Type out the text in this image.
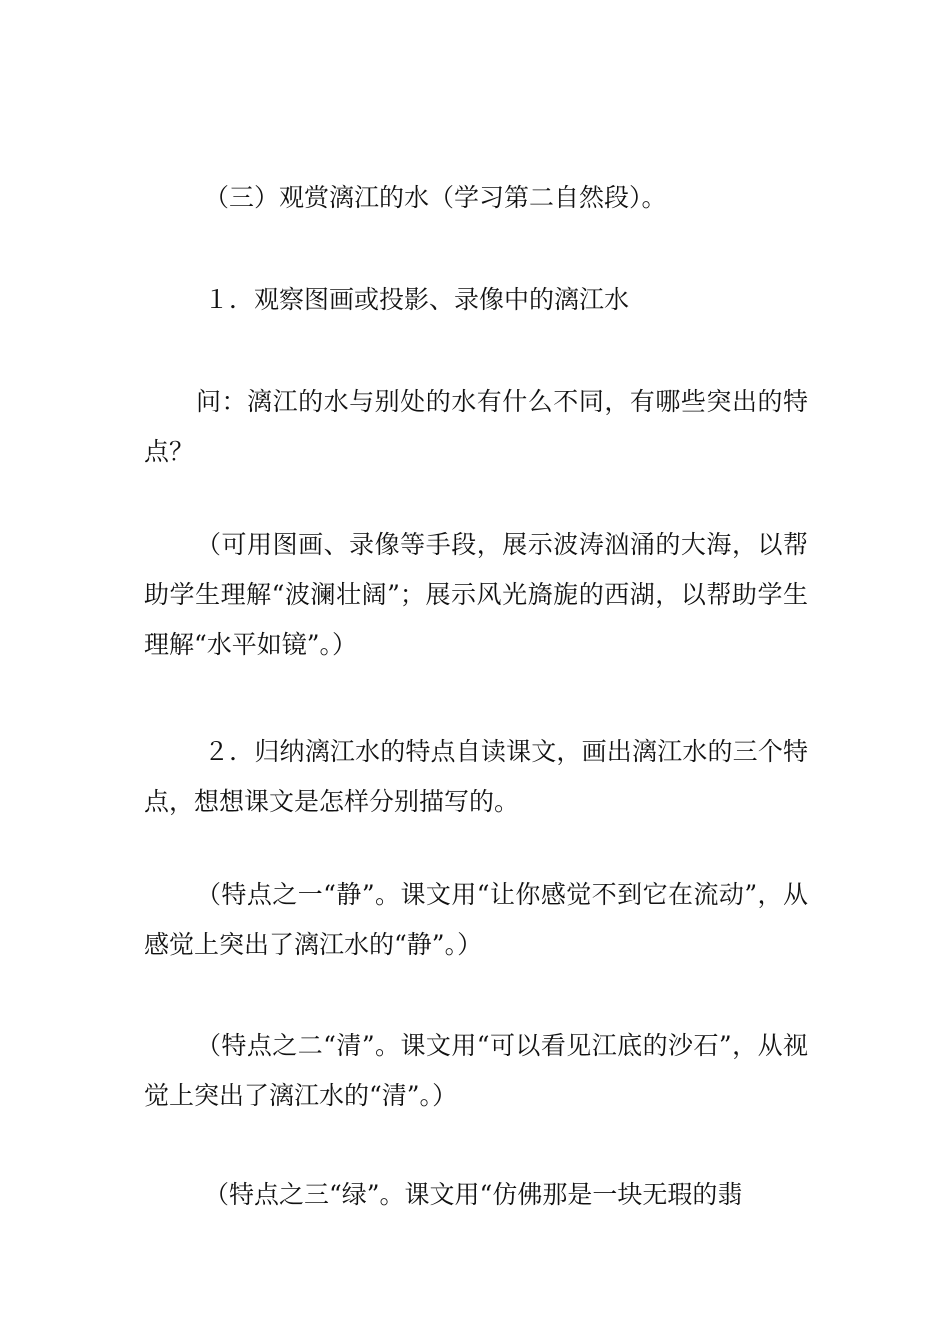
（三）观赏漓江的水（学习第二自然段）。

１．观察图画或投影、录像中的漓江水

问：漓江的水与别处的水有什么不同，有哪些突出的特点？

（可用图画、录像等手段，展示波涛汹涌的大海，以帮助学生理解“波澜壮阔”；展示风光旖旎的西湖，以帮助学生理解“水平如镜”。）

２．归纳漓江水的特点自读课文，画出漓江水的三个特点，想想课文是怎样分别描写的。

（特点之一“静”。课文用“让你感觉不到它在流动”，从感觉上突出了漓江水的“静”。）

（特点之二“清”。课文用“可以看见江底的沙石”，从视觉上突出了漓江水的“清”。）

（特点之三“绿”。课文用“仿佛那是一块无瑕的翡
